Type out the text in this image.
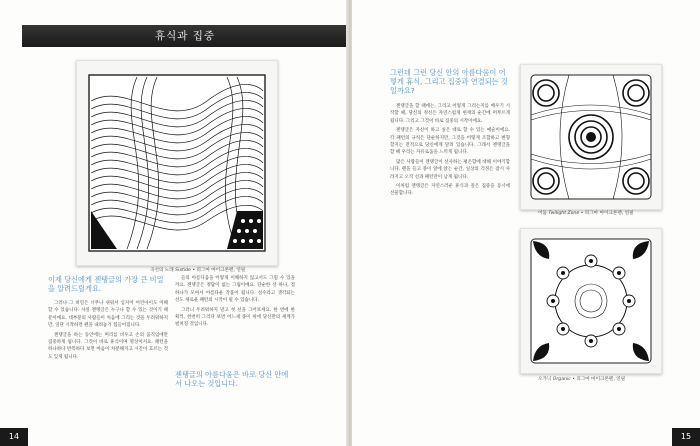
휴식과 집중
곡선의 노래 Sixtide • 피그마 마이크론펜, 연필
이제 당신에게 젠탱글의 가장 큰 비밀을 알려드릴게요.

그러나 그 비밀은 너무나 쉬워서 심지어 어린아이도 이해할 수 있습니다. 사실 젠탱글은 누구나 할 수 있는 것이기 때문이에요. 대부분의 사람들이 처음에 그리는 것을 두려워하지만, 일단 시작하면 펜을 내려놓기 힘들어집니다.

젠탱글을 하는 동안에는 머리를 비우고 손의 움직임에만 집중하게 됩니다. 그것이 바로 휴식이며 명상이지요. 패턴을 하나하나 반복하다 보면 마음이 차분해지고 시간이 흐르는 것도 잊게 됩니다.

들의 아름다움을 어떻게 이해하지 않고서도 그릴 수 있을까요. 젠탱글은 정답이 없는 그림이에요. 단순한 선 하나, 점 하나가 모여서 아름다운 작품이 됩니다. 실수라고 생각되는 선도 새로운 패턴의 시작이 될 수 있습니다.

그러니 두려워하지 말고 첫 선을 그어보세요. 한 번에 한 획씩, 천천히 그리다 보면 어느새 종이 위에 당신만의 세계가 펼쳐질 것입니다.

젠탱글의 아름다움은 바로 당신 안에서 나오는 것입니다.
14
그런데 그런 당신 안의 아름다움이 어떻게 휴식, 그리고 집중과 연결되는 것일까요?

젠탱글을 할 때에는, 그리고 어떻게 그리는지를 배우기 시작할 때, 당신의 정신은 자연스럽게 현재의 순간에 머무르게 됩니다. 그리고 그것이 바로 집중의 시작이에요.

젠탱글은 자신이 하고 싶은 대로 할 수 있는 예술이에요. 각 패턴의 규칙은 단순하지만, 그것을 어떻게 조합하고 변형할지는 전적으로 당신에게 달려 있습니다. 그래서 젠탱글을 할 때 우리는 자유로움을 느끼게 됩니다.

많은 사람들이 젠탱글이 선사하는 평온함에 대해 이야기합니다. 펜을 들고 종이 앞에 앉는 순간, 일상의 걱정은 잠시 사라지고 오직 선과 패턴만이 남게 됩니다.

이처럼 젠탱글은 자연스러운 휴식과 깊은 집중을 동시에 선물합니다.

어둠 Twilight Zone • 피그마 마이크론펜, 연필
오가닉 Organic • 피그마 마이크론펜, 연필
15
